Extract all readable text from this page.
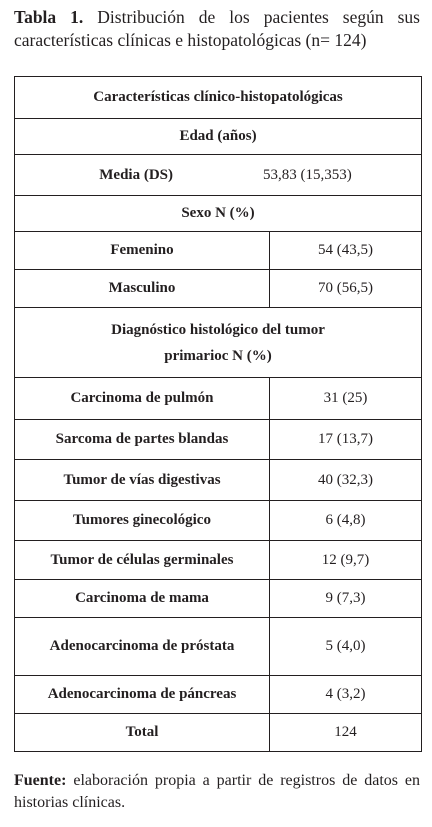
Tabla 1. Distribución de los pacientes según sus características clínicas e histopatológicas (n= 124)
Características clínico-histopatológicas	
Edad (años)	
Media (DS) 53,83 (15,353)	
Sexo N (%)	
Femenino	54 (43,5)
Masculino	70 (56,5)
Diagnóstico histológico del tumor
primarioc N (%)	
Carcinoma de pulmón	31 (25)
Sarcoma de partes blandas	17 (13,7)
Tumor de vías digestivas	40 (32,3)
Tumores ginecológico	6 (4,8)
Tumor de células germinales	12 (9,7)
Carcinoma de mama	9 (7,3)
Adenocarcinoma de próstata	5 (4,0)
Adenocarcinoma de páncreas	4 (3,2)
Total	124
Fuente: elaboración propia a partir de registros de datos en historias clínicas.
